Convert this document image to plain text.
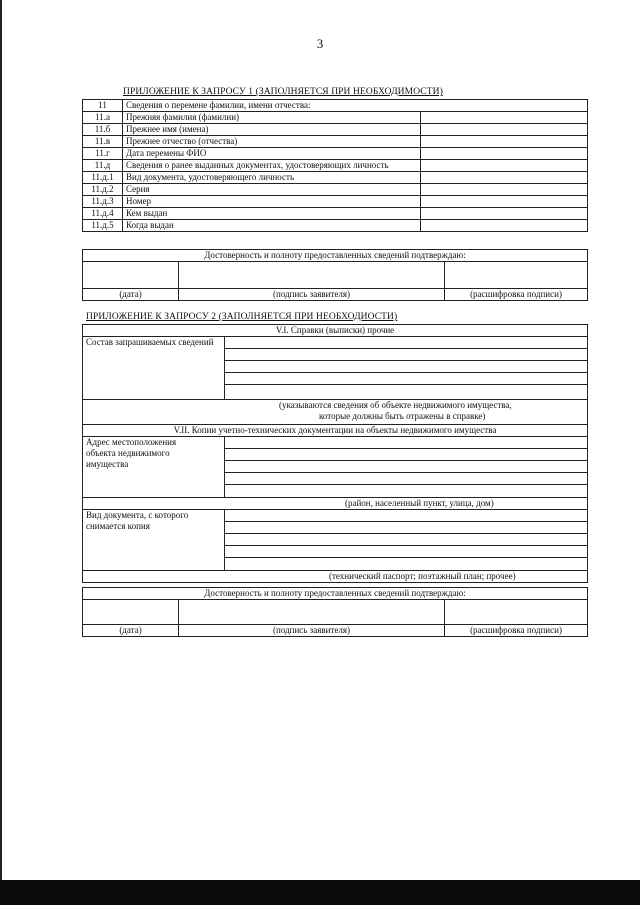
3
ПРИЛОЖЕНИЕ К ЗАПРОСУ 1 (ЗАПОЛНЯЕТСЯ ПРИ НЕОБХОДИМОСТИ)
11	Сведения о перемене фамилии, имени отчества:	
11.а	Прежняя фамилия (фамилии)	
11.б	Прежнее имя (имена)	
11.в	Прежнее отчество (отчества)	
11.г	Дата перемены ФИО	
11.д	Сведения о ранее выданных документах, удостоверяющих личность	
11.д.1	Вид документа, удостоверяющего личность	
11.д.2	Серия	
11.д.3	Номер	
11.д.4	Кем выдан	
11.д.5	Когда выдан	
Достоверность и полноту предоставленных сведений подтверждаю:		

(дата)	(подпись заявителя)	(расшифровка подписи)
ПРИЛОЖЕНИЕ К ЗАПРОСУ 2 (ЗАПОЛНЯЕТСЯ ПРИ НЕОБХОДИОСТИ)
V.I. Справки (выписки) прочие	
Состав запрашиваемых сведений	

(указываются сведения об объекте недвижимого имущества,
которые должны быть отражены в справке)	

V.II. Копии учетно-технических документации на объекты недвижимого имущества	
Адрес местоположения объекта недвижимого имущества	

(район, населенный пункт, улица, дом)	
Вид документа, с которого снимается копия	

(технический паспорт; поэтажный план; прочее)	
Достоверность и полноту предоставленных сведений подтверждаю:		

(дата)	(подпись заявителя)	(расшифровка подписи)
